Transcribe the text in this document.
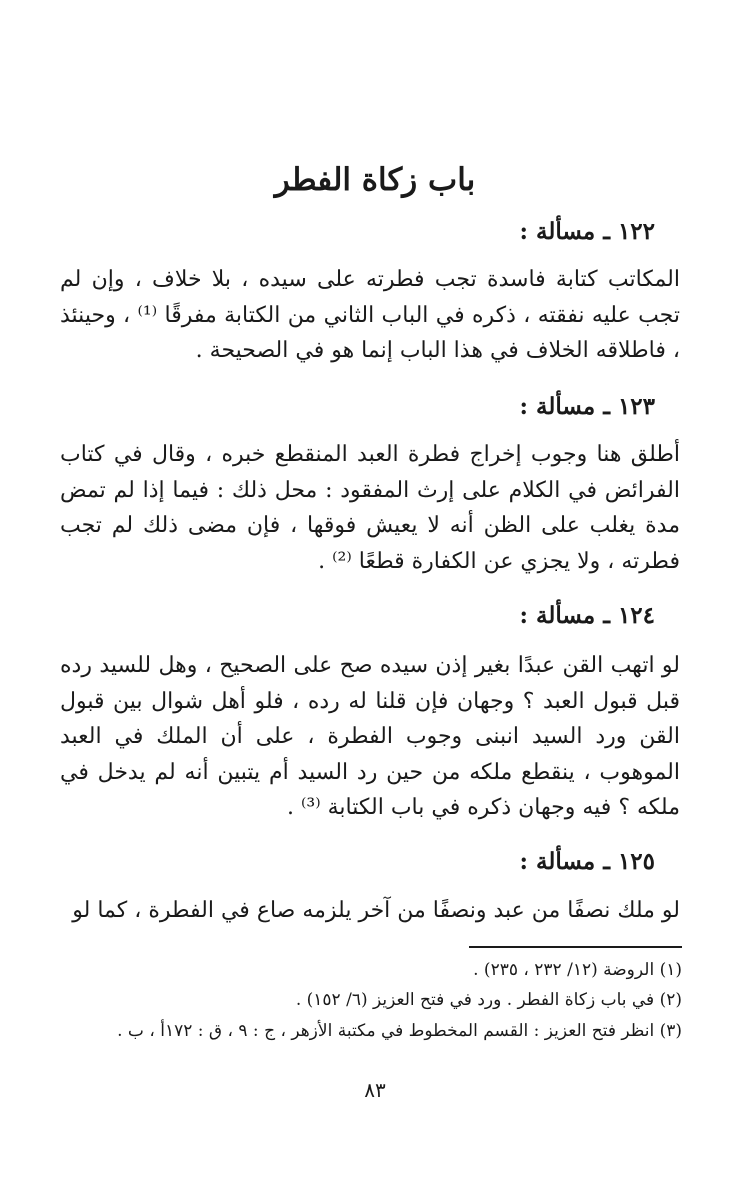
باب زكاة الفطر
١٢٢ ـ مسألة :

المكاتب كتابة فاسدة تجب فطرته على سيده ، بلا خلاف ، وإن لم تجب عليه نفقته ، ذكره في الباب الثاني من الكتابة مفرقًا ⁽¹⁾ ، وحينئذ ، فاطلاقه الخلاف في هذا الباب إنما هو في الصحيحة .

١٢٣ ـ مسألة :

أطلق هنا وجوب إخراج فطرة العبد المنقطع خبره ، وقال في كتاب الفرائض في الكلام على إرث المفقود : محل ذلك : فيما إذا لم تمض مدة يغلب على الظن أنه لا يعيش فوقها ، فإن مضى ذلك لم تجب فطرته ، ولا يجزي عن الكفارة قطعًا ⁽²⁾ .

١٢٤ ـ مسألة :

لو اتهب القن عبدًا بغير إذن سيده صح على الصحيح ، وهل للسيد رده قبل قبول العبد ؟ وجهان فإن قلنا له رده ، فلو أهل شوال بين قبول القن ورد السيد انبنى وجوب الفطرة ، على أن الملك في العبد الموهوب ، ينقطع ملكه من حين رد السيد أم يتبين أنه لم يدخل في ملكه ؟ فيه وجهان ذكره في باب الكتابة ⁽³⁾ .

١٢٥ ـ مسألة :

لو ملك نصفًا من عبد ونصفًا من آخر يلزمه صاع في الفطرة ، كما لو

(١) الروضة (١٢/ ٢٣٢ ، ٢٣٥) .

(٢) في باب زكاة الفطر . ورد في فتح العزيز (٦/ ١٥٢) .

(٣) انظر فتح العزيز : القسم المخطوط في مكتبة الأزهر ، ج : ٩ ، ق : ١٧٢أ ، ب .

٨٣
